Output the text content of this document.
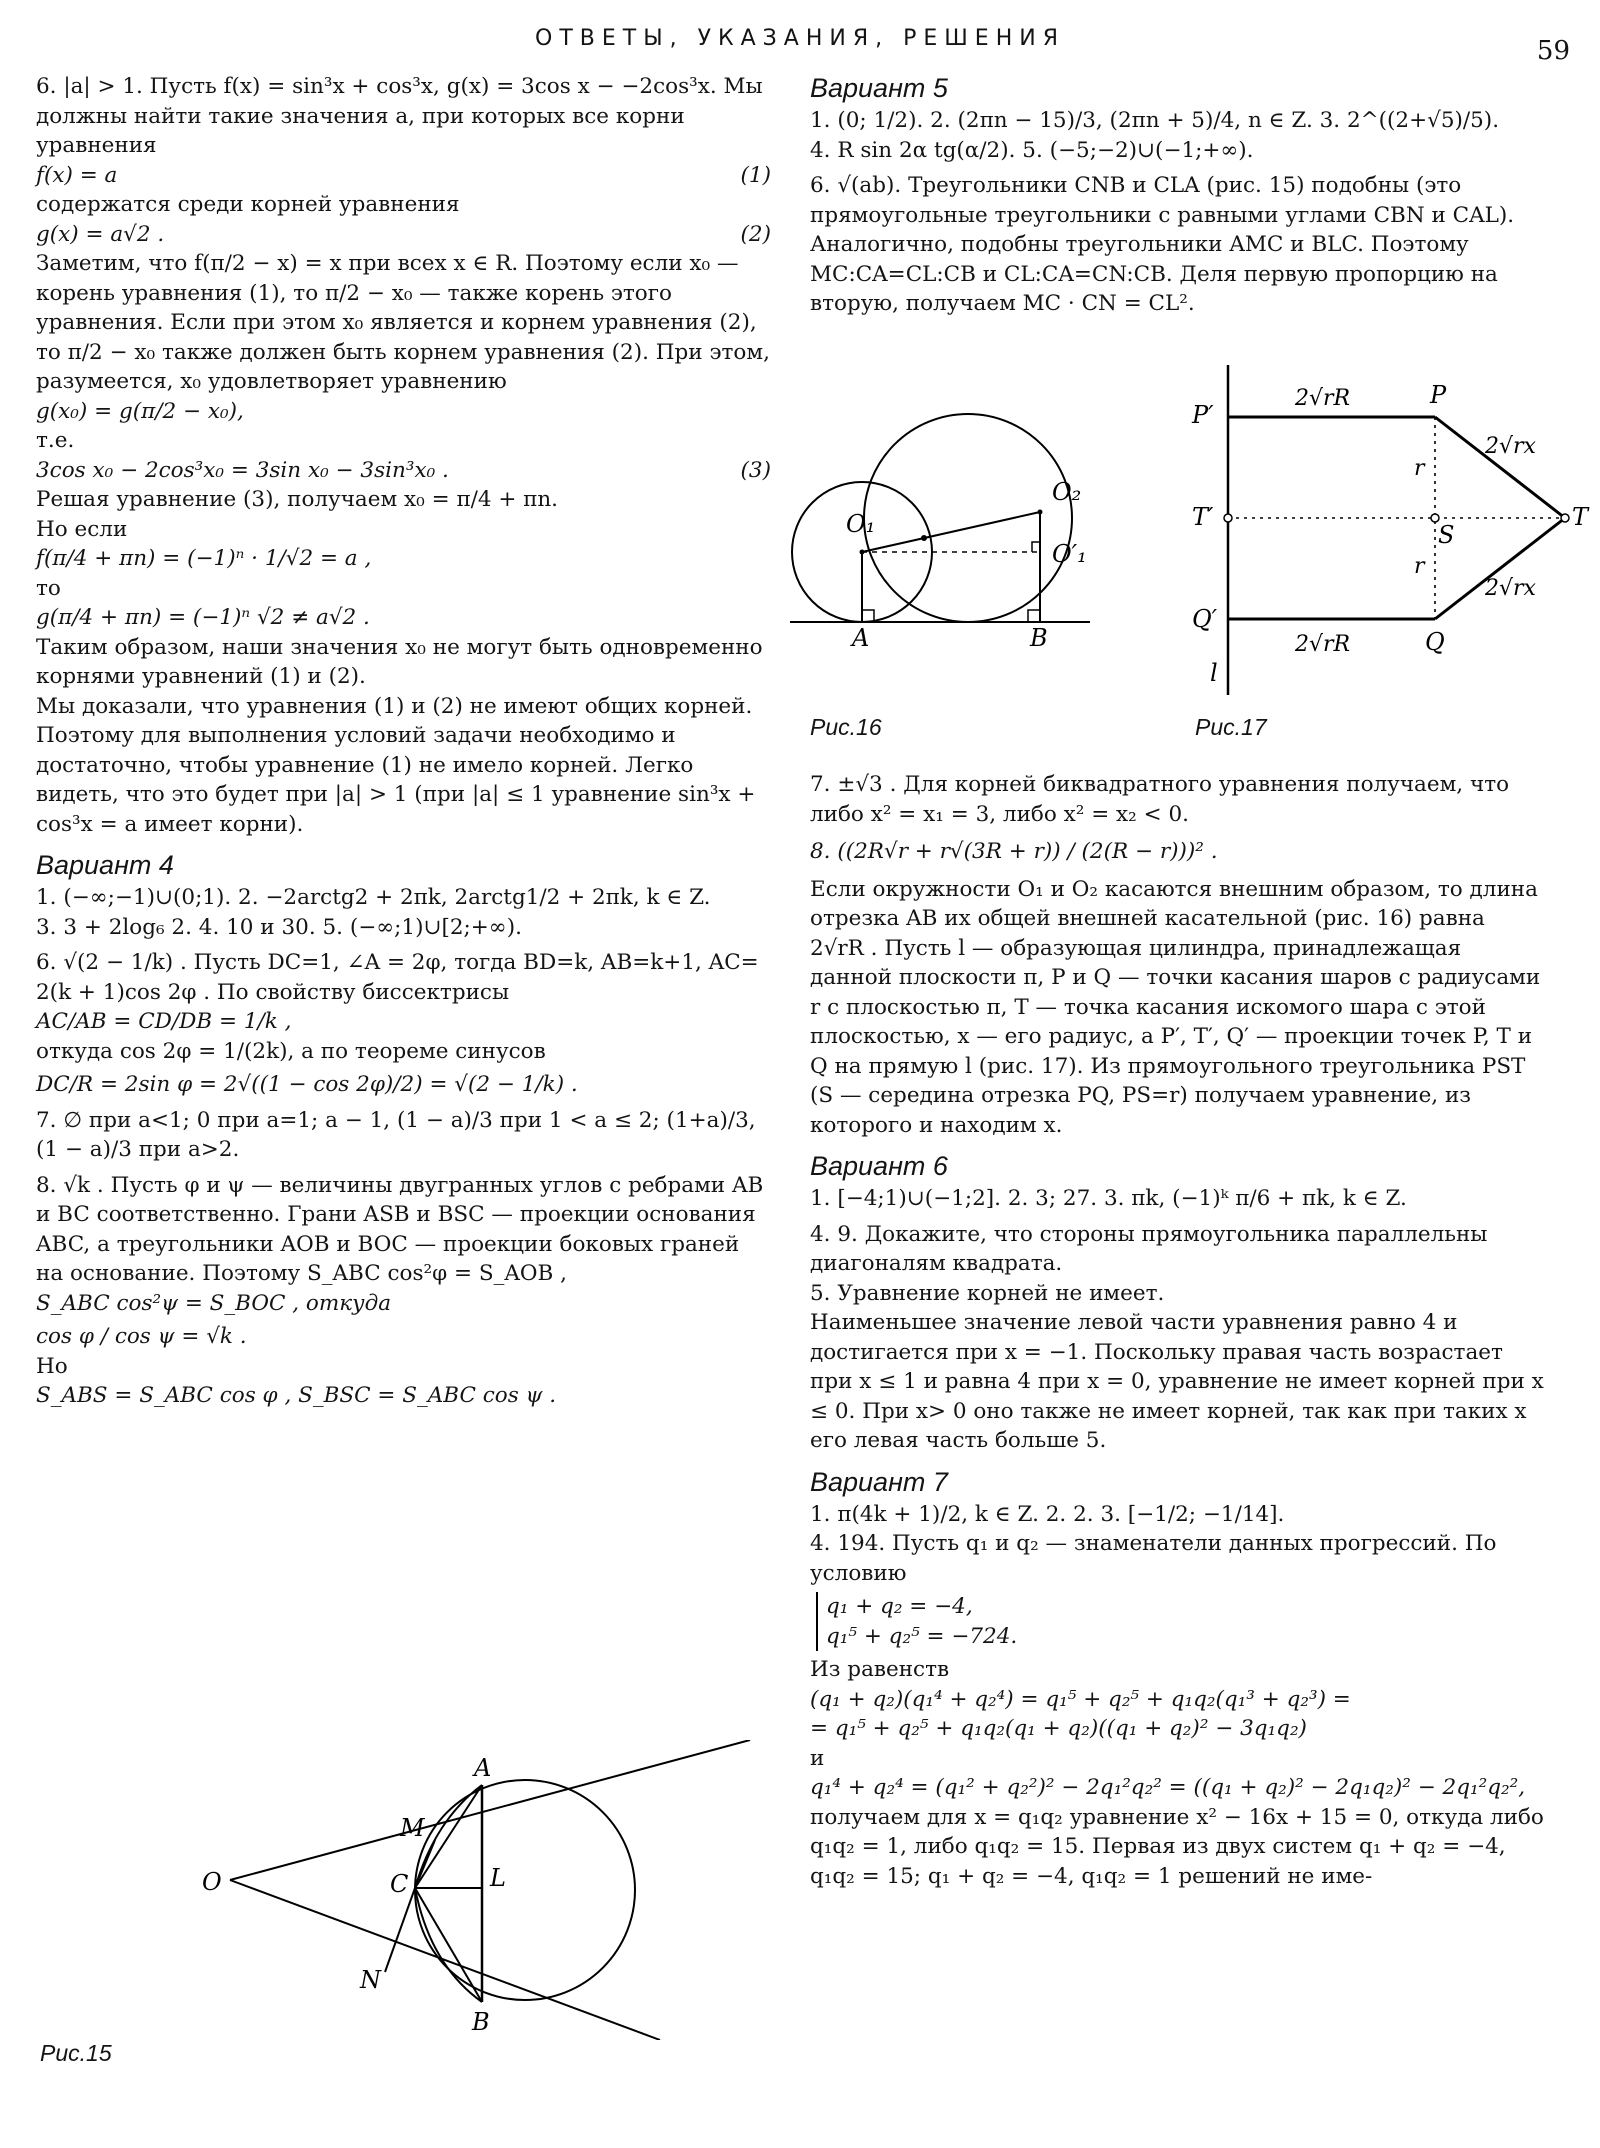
ОТВЕТЫ, УКАЗАНИЯ, РЕШЕНИЯ	59

6. |a| > 1. Пусть f(x) = sin³x + cos³x, g(x) = 3cos x − −2cos³x. Мы должны найти такие значения a, при которых все корни уравнения

f(x) = a	(1)

содержатся среди корней уравнения

g(x) = a√2 .	(2)

Заметим, что f(π/2 − x) = x при всех x ∈ R. Поэтому если x₀ — корень уравнения (1), то π/2 − x₀ — также корень этого уравнения. Если при этом x₀ является и корнем уравнения (2), то π/2 − x₀ также должен быть корнем уравнения (2). При этом, разумеется, x₀ удовлетворяет уравнению

g(x₀) = g(π/2 − x₀),

т.е.

3cos x₀ − 2cos³x₀ = 3sin x₀ − 3sin³x₀ .	(3)

Решая уравнение (3), получаем x₀ = π/4 + πn.

Но если

f(π/4 + πn) = (−1)ⁿ · 1/√2 = a ,

то

g(π/4 + πn) = (−1)ⁿ √2 ≠ a√2 .

Таким образом, наши значения x₀ не могут быть одновременно корнями уравнений (1) и (2).

Мы доказали, что уравнения (1) и (2) не имеют общих корней. Поэтому для выполнения условий задачи необходимо и достаточно, чтобы уравнение (1) не имело корней. Легко видеть, что это будет при |a| > 1 (при |a| ≤ 1 уравнение sin³x + cos³x = a имеет корни).

Вариант 4

1. (−∞;−1)∪(0;1). 2. −2arctg2 + 2πk, 2arctg1/2 + 2πk, k ∈ Z.

3. 3 + 2log₆ 2. 4. 10 и 30. 5. (−∞;1)∪[2;+∞).

6. √(2 − 1/k) . Пусть DC=1, ∠A = 2φ, тогда BD=k, AB=k+1, AC= 2(k + 1)cos 2φ . По свойству биссектрисы

AC/AB = CD/DB = 1/k ,

откуда cos 2φ = 1/(2k), а по теореме синусов

DC/R = 2sin φ = 2√((1 − cos 2φ)/2) = √(2 − 1/k) .

7. ∅ при a<1; 0 при a=1; a − 1, (1 − a)/3 при 1 < a ≤ 2; (1+a)/3, (1 − a)/3 при a>2.

8. √k . Пусть φ и ψ — величины двугранных углов с ребрами AB и BC соответственно. Грани ASB и BSC — проекции основания ABC, а треугольники AOB и BOC — проекции боковых граней на основание. Поэтому S_ABC cos²φ = S_AOB ,

S_ABC cos²ψ = S_BOC , откуда

cos φ / cos ψ = √k .

Но

S_ABS = S_ABC cos φ , S_BSC = S_ABC cos ψ .

O
M
A
C	L
N
B
Рис.15
Вариант 5

1. (0; 1/2). 2. (2πn − 15)/3, (2πn + 5)/4, n ∈ Z. 3. 2^((2+√5)/5).

4. R sin 2α tg(α/2). 5. (−5;−2)∪(−1;+∞).

6. √(ab). Треугольники CNB и CLA (рис. 15) подобны (это прямоугольные треугольники с равными углами CBN и CAL). Аналогично, подобны треугольники AMC и BLC. Поэтому MC:CA=CL:CB и CL:CA=CN:CB. Деля первую пропорцию на вторую, получаем MC · CN = CL².

O₁
O₂
O′₁
A	B
Рис.16
P′
T′
Q′
l
P
Q
T
S
r
r
2√rR
2√rR
2√rx
2√rx
Рис.17

7. ±√3 . Для корней биквадратного уравнения получаем, что либо x² = x₁ = 3, либо x² = x₂ < 0.

8. ((2R√r + r√(3R + r)) / (2(R − r)))² .

Если окружности O₁ и O₂ касаются внешним образом, то длина отрезка AB их общей внешней касательной (рис. 16) равна 2√rR . Пусть l — образующая цилиндра, принадлежащая данной плоскости π, P и Q — точки касания шаров с радиусами r с плоскостью π, T — точка касания искомого шара с этой плоскостью, x — его радиус, а P′, T′, Q′ — проекции точек P, T и Q на прямую l (рис. 17). Из прямоугольного треугольника PST (S — середина отрезка PQ, PS=r) получаем уравнение, из которого и находим x.

Вариант 6

1. [−4;1)∪(−1;2]. 2. 3; 27. 3. πk, (−1)ᵏ π/6 + πk, k ∈ Z.

4. 9. Докажите, что стороны прямоугольника параллельны диагоналям квадрата.

5. Уравнение корней не имеет.

Наименьшее значение левой части уравнения равно 4 и достигается при x = −1. Поскольку правая часть возрастает при x ≤ 1 и равна 4 при x = 0, уравнение не имеет корней при x ≤ 0. При x> 0 оно также не имеет корней, так как при таких x его левая часть больше 5.

Вариант 7

1. π(4k + 1)/2, k ∈ Z. 2. 2. 3. [−1/2; −1/14].

4. 194. Пусть q₁ и q₂ — знаменатели данных прогрессий. По условию

q₁ + q₂ = −4,

q₁⁵ + q₂⁵ = −724.

Из равенств

(q₁ + q₂)(q₁⁴ + q₂⁴) = q₁⁵ + q₂⁵ + q₁q₂(q₁³ + q₂³) =

= q₁⁵ + q₂⁵ + q₁q₂(q₁ + q₂)((q₁ + q₂)² − 3q₁q₂)

и

q₁⁴ + q₂⁴ = (q₁² + q₂²)² − 2q₁²q₂² = ((q₁ + q₂)² − 2q₁q₂)² − 2q₁²q₂²,

получаем для x = q₁q₂ уравнение x² − 16x + 15 = 0, откуда либо q₁q₂ = 1, либо q₁q₂ = 15. Первая из двух систем q₁ + q₂ = −4, q₁q₂ = 15; q₁ + q₂ = −4, q₁q₂ = 1 решений не име-
